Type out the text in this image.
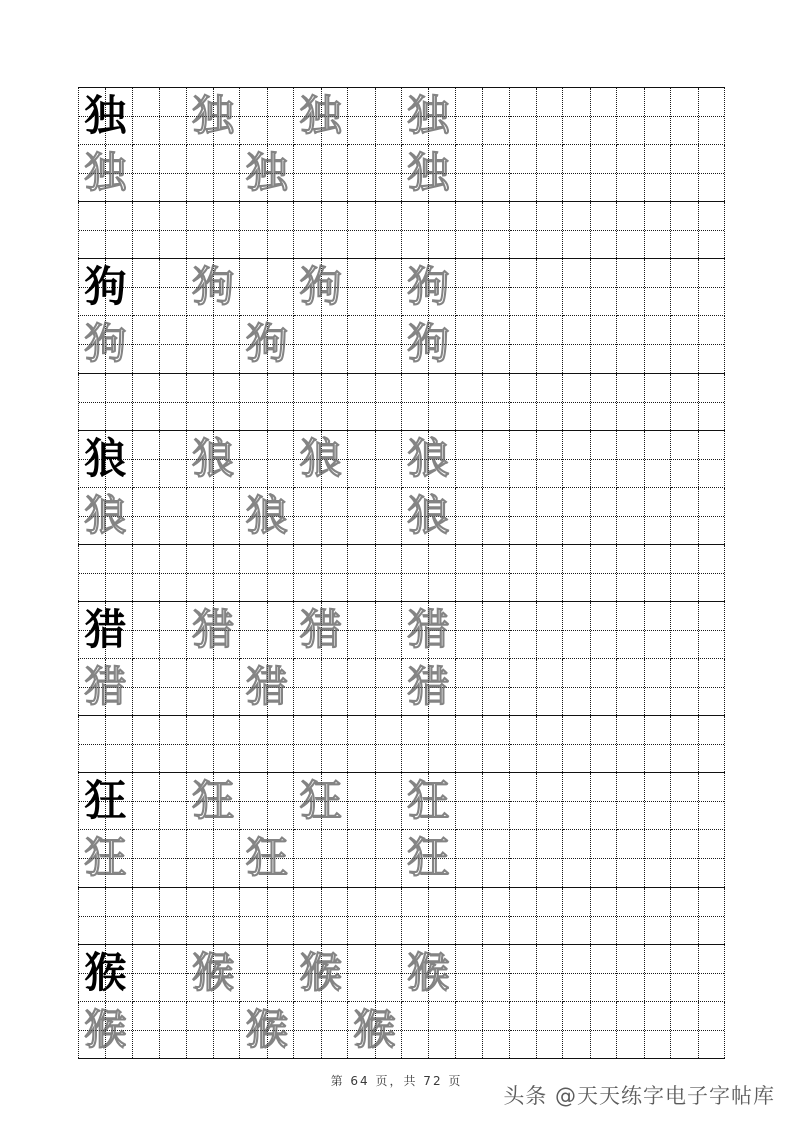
独		独		独		独					

独			独			独					

狗		狗		狗		狗					

狗			狗			狗					

狼		狼		狼		狼					

狼			狼			狼					

猎		猎		猎		猎					

猎			猎			猎					

狂		狂		狂		狂					

狂			狂			狂					

猴		猴		猴		猴					

猴			猴		猴						

第 64 页，共 72 页
头条 @天天练字电子字帖库
